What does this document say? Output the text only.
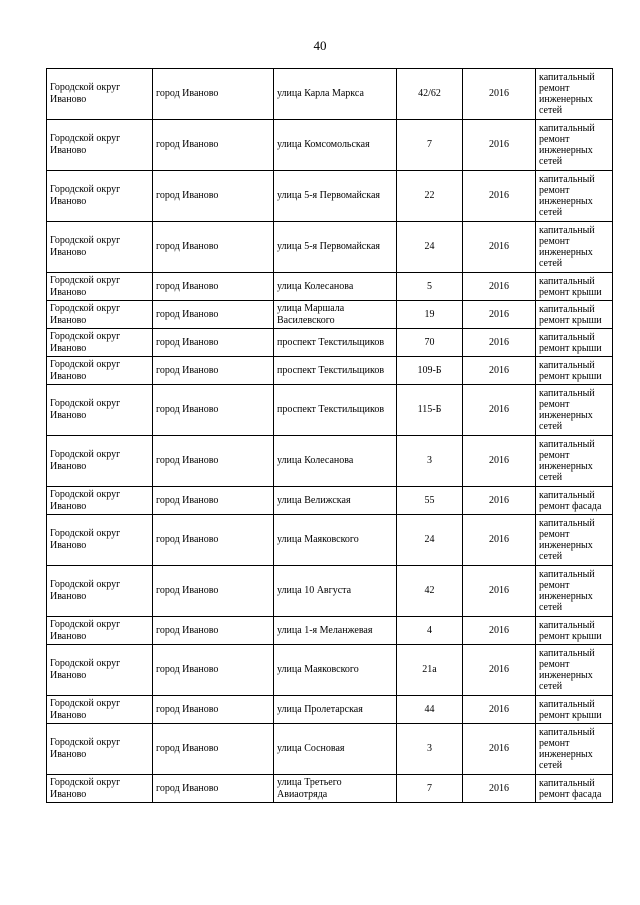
40
Городской округ Иваново	город Иваново	улица Карла Маркса	42/62	2016	капитальный ремонт инженерных сетей
Городской округ Иваново	город Иваново	улица Комсомольская	7	2016	капитальный ремонт инженерных сетей
Городской округ Иваново	город Иваново	улица 5-я Первомайская	22	2016	капитальный ремонт инженерных сетей
Городской округ Иваново	город Иваново	улица 5-я Первомайская	24	2016	капитальный ремонт инженерных сетей
Городской округ Иваново	город Иваново	улица Колесанова	5	2016	капитальный ремонт крыши
Городской округ Иваново	город Иваново	улица Маршала Василевского	19	2016	капитальный ремонт крыши
Городской округ Иваново	город Иваново	проспект Текстильщиков	70	2016	капитальный ремонт крыши
Городской округ Иваново	город Иваново	проспект Текстильщиков	109-Б	2016	капитальный ремонт крыши
Городской округ Иваново	город Иваново	проспект Текстильщиков	115-Б	2016	капитальный ремонт инженерных сетей
Городской округ Иваново	город Иваново	улица Колесанова	3	2016	капитальный ремонт инженерных сетей
Городской округ Иваново	город Иваново	улица Велижская	55	2016	капитальный ремонт фасада
Городской округ Иваново	город Иваново	улица Маяковского	24	2016	капитальный ремонт инженерных сетей
Городской округ Иваново	город Иваново	улица 10 Августа	42	2016	капитальный ремонт инженерных сетей
Городской округ Иваново	город Иваново	улица 1-я Меланжевая	4	2016	капитальный ремонт крыши
Городской округ Иваново	город Иваново	улица Маяковского	21а	2016	капитальный ремонт инженерных сетей
Городской округ Иваново	город Иваново	улица Пролетарская	44	2016	капитальный ремонт крыши
Городской округ Иваново	город Иваново	улица Сосновая	3	2016	капитальный ремонт инженерных сетей
Городской округ Иваново	город Иваново	улица Третьего Авиаотряда	7	2016	капитальный ремонт фасада
